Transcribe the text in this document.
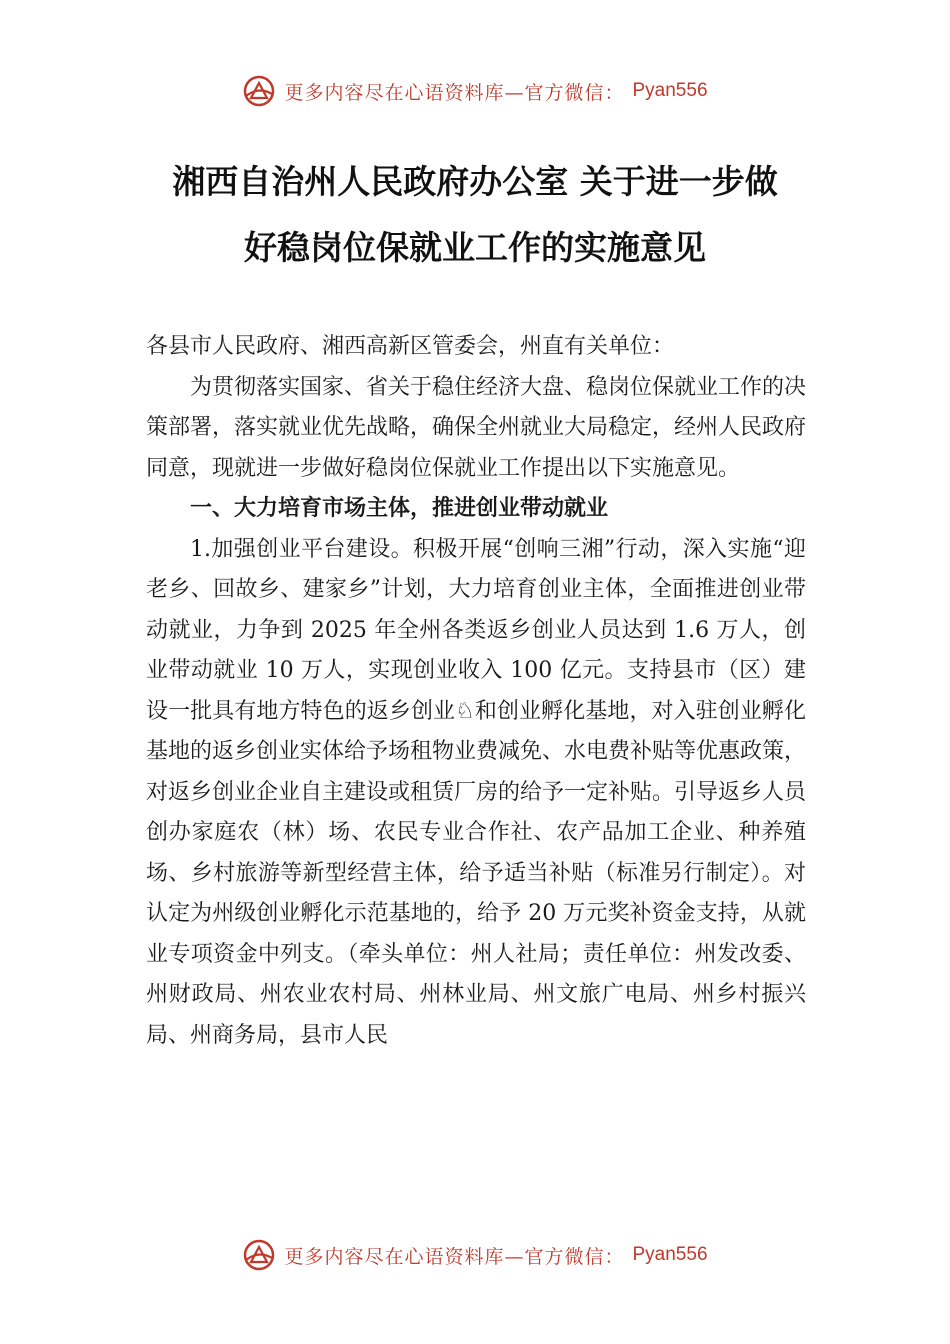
更多内容尽在心语资料库—官方微信： Pyan556
湘西自治州人民政府办公室 关于进一步做
好稳岗位保就业工作的实施意见

各县市人民政府、湘西高新区管委会，州直有关单位：

为贯彻落实国家、省关于稳住经济大盘、稳岗位保就业工作的决策部署，落实就业优先战略，确保全州就业大局稳定，经州人民政府同意，现就进一步做好稳岗位保就业工作提出以下实施意见。

一、大力培育市场主体，推进创业带动就业

1.加强创业平台建设。积极开展“创响三湘”行动，深入实施“迎老乡、回故乡、建家乡”计划，大力培育创业主体，全面推进创业带动就业，力争到 2025 年全州各类返乡创业人员达到 1.6 万人，创业带动就业 10 万人，实现创业收入 100 亿元。支持县市（区）建设一批具有地方特色的返乡创业♘和创业孵化基地，对入驻创业孵化基地的返乡创业实体给予场租物业费减免、水电费补贴等优惠政策，对返乡创业企业自主建设或租赁厂房的给予一定补贴。引导返乡人员创办家庭农（林）场、农民专业合作社、农产品加工企业、种养殖场、乡村旅游等新型经营主体，给予适当补贴（标准另行制定）。对认定为州级创业孵化示范基地的，给予 20 万元奖补资金支持，从就业专项资金中列支。（牵头单位：州人社局；责任单位：州发改委、州财政局、州农业农村局、州林业局、州文旅广电局、州乡村振兴局、州商务局，县市人民

更多内容尽在心语资料库—官方微信： Pyan556
